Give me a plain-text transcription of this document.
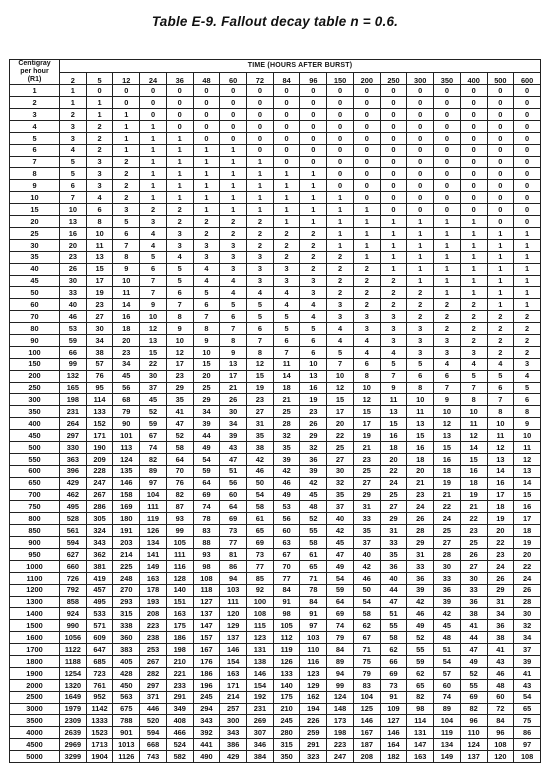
Table E-9. Fallout decay table n = 0.6.
Centigray
per hour
(R1)	TIME (HOURS AFTER BURST)																	
	2	5	12	24	36	48	60	72	84	96	150	200	250	300	350	400	500	600
1	1	0	0	0	0	0	0	0	0	0	0	0	0	0	0	0	0	0
2	1	1	0	0	0	0	0	0	0	0	0	0	0	0	0	0	0	0
3	2	1	1	0	0	0	0	0	0	0	0	0	0	0	0	0	0	0
4	3	2	1	1	0	0	0	0	0	0	0	0	0	0	0	0	0	0
5	3	2	1	1	1	0	0	0	0	0	0	0	0	0	0	0	0	0
6	4	2	1	1	1	1	1	0	0	0	0	0	0	0	0	0	0	0
7	5	3	2	1	1	1	1	1	0	0	0	0	0	0	0	0	0	0
8	5	3	2	1	1	1	1	1	1	1	0	0	0	0	0	0	0	0
9	6	3	2	1	1	1	1	1	1	1	0	0	0	0	0	0	0	0
10	7	4	2	1	1	1	1	1	1	1	1	0	0	0	0	0	0	0
15	10	6	3	2	2	1	1	1	1	1	1	1	0	0	0	0	0	0
20	13	8	5	3	2	2	2	2	1	1	1	1	1	1	1	1	0	0
25	16	10	6	4	3	2	2	2	2	2	1	1	1	1	1	1	1	1
30	20	11	7	4	3	3	3	2	2	2	1	1	1	1	1	1	1	1
35	23	13	8	5	4	3	3	3	2	2	2	1	1	1	1	1	1	1
40	26	15	9	6	5	4	3	3	3	2	2	2	1	1	1	1	1	1
45	30	17	10	7	5	4	4	3	3	3	2	2	2	1	1	1	1	1
50	33	19	11	7	6	5	4	4	4	3	2	2	2	2	1	1	1	1
60	40	23	14	9	7	6	5	5	4	4	3	2	2	2	2	2	1	1
70	46	27	16	10	8	7	6	5	5	4	3	3	3	2	2	2	2	2
80	53	30	18	12	9	8	7	6	5	5	4	3	3	3	2	2	2	2
90	59	34	20	13	10	9	8	7	6	6	4	4	3	3	3	2	2	2
100	66	38	23	15	12	10	9	8	7	6	5	4	4	3	3	3	2	2
150	99	57	34	22	17	15	13	12	11	10	7	6	5	5	4	4	4	3
200	132	76	45	30	23	20	17	15	14	13	10	8	7	6	6	5	5	4
250	165	95	56	37	29	25	21	19	18	16	12	10	9	8	7	7	6	5
300	198	114	68	45	35	29	26	23	21	19	15	12	11	10	9	8	7	6
350	231	133	79	52	41	34	30	27	25	23	17	15	13	11	10	10	8	8
400	264	152	90	59	47	39	34	31	28	26	20	17	15	13	12	11	10	9
450	297	171	101	67	52	44	39	35	32	29	22	19	16	15	13	12	11	10
500	330	190	113	74	58	49	43	38	35	32	25	21	18	16	15	14	12	11
550	363	209	124	82	64	54	47	42	39	36	27	23	20	18	16	15	13	12
600	396	228	135	89	70	59	51	46	42	39	30	25	22	20	18	16	14	13
650	429	247	146	97	76	64	56	50	46	42	32	27	24	21	19	18	16	14
700	462	267	158	104	82	69	60	54	49	45	35	29	25	23	21	19	17	15
750	495	286	169	111	87	74	64	58	53	48	37	31	27	24	22	21	18	16
800	528	305	180	119	93	78	69	61	56	52	40	33	29	26	24	22	19	17
850	561	324	191	126	99	83	73	65	60	55	42	35	31	28	25	23	20	18
900	594	343	203	134	105	88	77	69	63	58	45	37	33	29	27	25	22	19
950	627	362	214	141	111	93	81	73	67	61	47	40	35	31	28	26	23	20
1000	660	381	225	149	116	98	86	77	70	65	49	42	36	33	30	27	24	22
1100	726	419	248	163	128	108	94	85	77	71	54	46	40	36	33	30	26	24
1200	792	457	270	178	140	118	103	92	84	78	59	50	44	39	36	33	29	26
1300	858	495	293	193	151	127	111	100	91	84	64	54	47	42	39	36	31	28
1400	924	533	315	208	163	137	120	108	98	91	69	58	51	46	42	38	34	30
1500	990	571	338	223	175	147	129	115	105	97	74	62	55	49	45	41	36	32
1600	1056	609	360	238	186	157	137	123	112	103	79	67	58	52	48	44	38	34
1700	1122	647	383	253	198	167	146	131	119	110	84	71	62	55	51	47	41	37
1800	1188	685	405	267	210	176	154	138	126	116	89	75	66	59	54	49	43	39
1900	1254	723	428	282	221	186	163	146	133	123	94	79	69	62	57	52	46	41
2000	1320	761	450	297	233	196	171	154	140	129	99	83	73	65	60	55	48	43
2500	1649	952	563	371	291	245	214	192	175	162	124	104	91	82	74	69	60	54
3000	1979	1142	675	446	349	294	257	231	210	194	148	125	109	98	89	82	72	65
3500	2309	1333	788	520	408	343	300	269	245	226	173	146	127	114	104	96	84	75
4000	2639	1523	901	594	466	392	343	307	280	259	198	167	146	131	119	110	96	86
4500	2969	1713	1013	668	524	441	386	346	315	291	223	187	164	147	134	124	108	97
5000	3299	1904	1126	743	582	490	429	384	350	323	247	208	182	163	149	137	120	108
